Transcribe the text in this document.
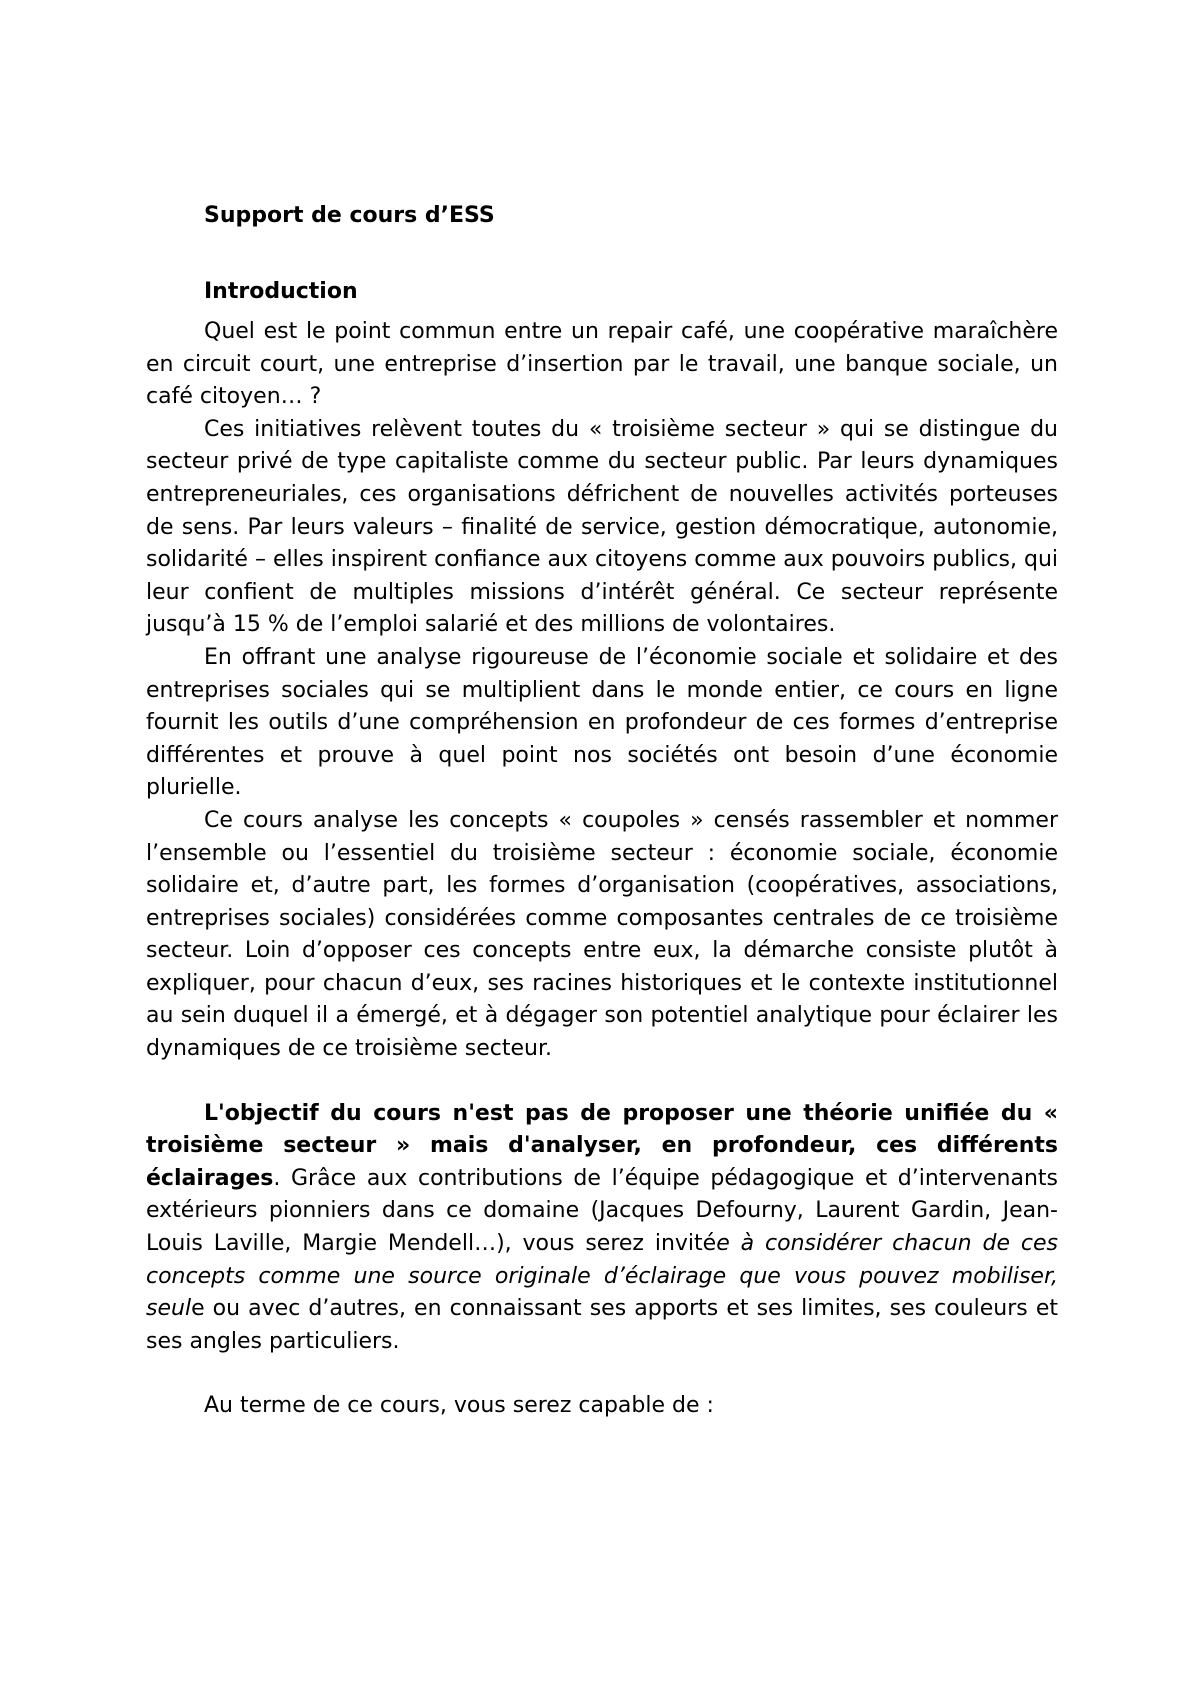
Support de cours d’ESS
Introduction

Quel est le point commun entre un repair café, une coopérative maraîchère en circuit court, une entreprise d’insertion par le travail, une banque sociale, un café citoyen… ?

Ces initiatives relèvent toutes du « troisième secteur » qui se distingue du secteur privé de type capitaliste comme du secteur public. Par leurs dynamiques entrepreneuriales, ces organisations défrichent de nouvelles activités porteuses de sens. Par leurs valeurs – finalité de service, gestion démocratique, autonomie, solidarité – elles inspirent confiance aux citoyens comme aux pouvoirs publics, qui leur confient de multiples missions d’intérêt général. Ce secteur représente jusqu’à 15 % de l’emploi salarié et des millions de volontaires.

En offrant une analyse rigoureuse de l’économie sociale et solidaire et des entreprises sociales qui se multiplient dans le monde entier, ce cours en ligne fournit les outils d’une compréhension en profondeur de ces formes d’entreprise différentes et prouve à quel point nos sociétés ont besoin d’une économie plurielle.

Ce cours analyse les concepts « coupoles » censés rassembler et nommer l’ensemble ou l’essentiel du troisième secteur : économie sociale, économie solidaire et, d’autre part, les formes d’organisation (coopératives, associations, entreprises sociales) considérées comme composantes centrales de ce troisième secteur. Loin d’opposer ces concepts entre eux, la démarche consiste plutôt à expliquer, pour chacun d’eux, ses racines historiques et le contexte institutionnel au sein duquel il a émergé, et à dégager son potentiel analytique pour éclairer les dynamiques de ce troisième secteur.

L'objectif du cours n'est pas de proposer une théorie unifiée du « troisième secteur » mais d'analyser, en profondeur, ces différents éclairages. Grâce aux contributions de l’équipe pédagogique et d’intervenants extérieurs pionniers dans ce domaine (Jacques Defourny, Laurent Gardin, Jean-Louis Laville, Margie Mendell…), vous serez invitée à considérer chacun de ces concepts comme une source originale d’éclairage que vous pouvez mobiliser, seule ou avec d’autres, en connaissant ses apports et ses limites, ses couleurs et ses angles particuliers.

Au terme de ce cours, vous serez capable de :
